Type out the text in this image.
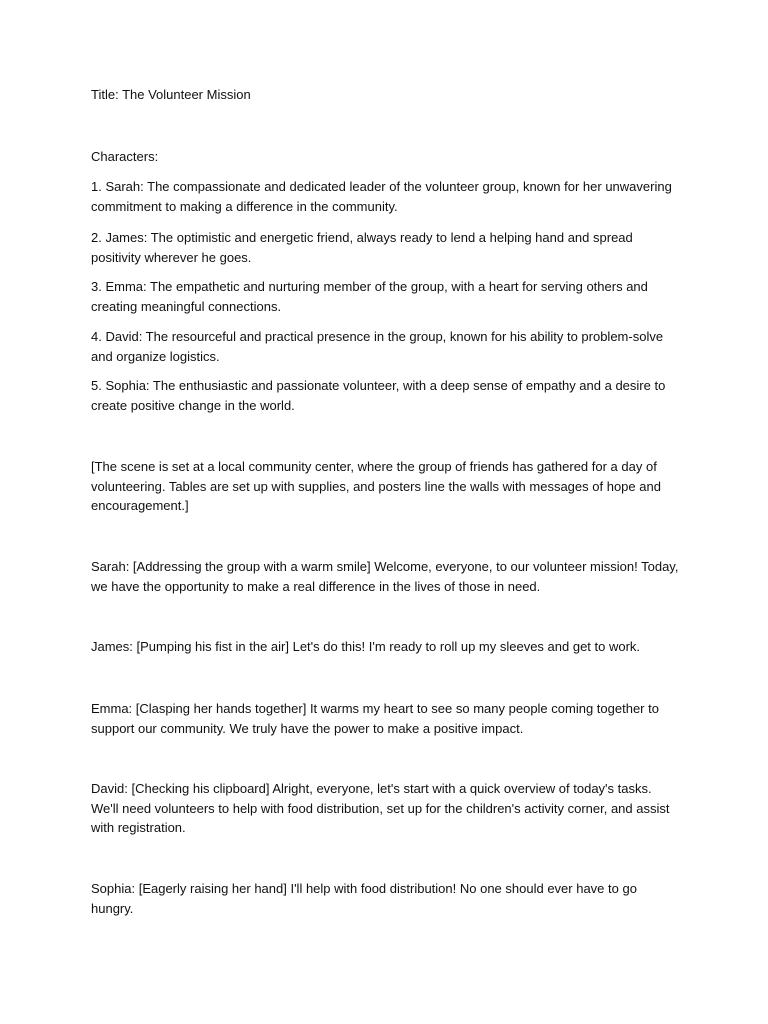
Title: The Volunteer Mission

Characters:

1. Sarah: The compassionate and dedicated leader of the volunteer group, known for her unwavering commitment to making a difference in the community.

2. James: The optimistic and energetic friend, always ready to lend a helping hand and spread positivity wherever he goes.

3. Emma: The empathetic and nurturing member of the group, with a heart for serving others and creating meaningful connections.

4. David: The resourceful and practical presence in the group, known for his ability to problem-solve and organize logistics.

5. Sophia: The enthusiastic and passionate volunteer, with a deep sense of empathy and a desire to create positive change in the world.

[The scene is set at a local community center, where the group of friends has gathered for a day of volunteering. Tables are set up with supplies, and posters line the walls with messages of hope and encouragement.]

Sarah: [Addressing the group with a warm smile] Welcome, everyone, to our volunteer mission! Today, we have the opportunity to make a real difference in the lives of those in need.

James: [Pumping his fist in the air] Let's do this! I'm ready to roll up my sleeves and get to work.

Emma: [Clasping her hands together] It warms my heart to see so many people coming together to support our community. We truly have the power to make a positive impact.

David: [Checking his clipboard] Alright, everyone, let's start with a quick overview of today's tasks. We'll need volunteers to help with food distribution, set up for the children's activity corner, and assist with registration.

Sophia: [Eagerly raising her hand] I'll help with food distribution! No one should ever have to go hungry.
